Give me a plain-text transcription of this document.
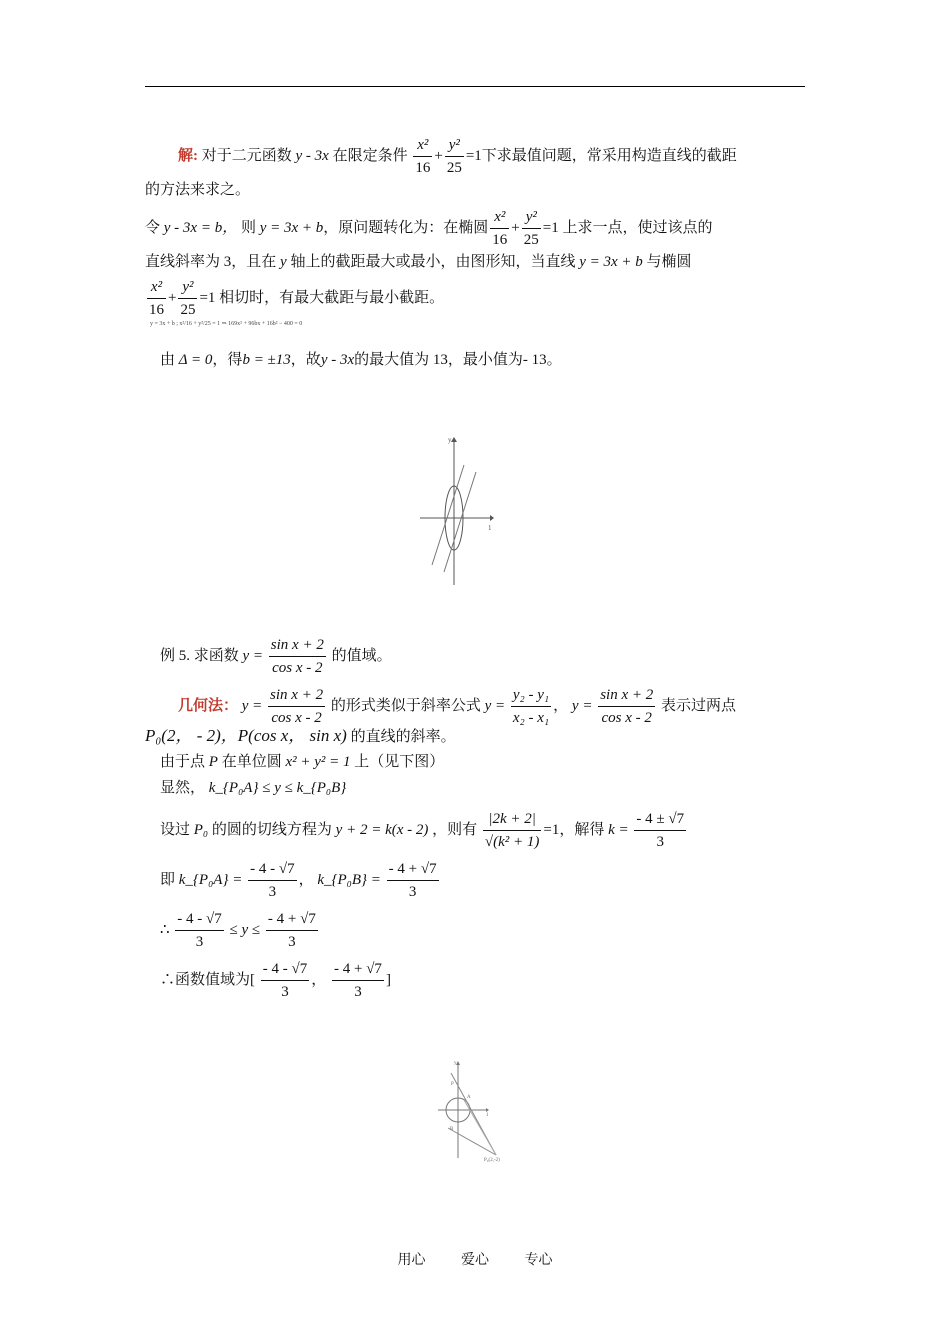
解: 对于二元函数 y - 3x 在限定条件 $\frac{\text{x²}}{16} + \frac{\text{y²}}{25} =1$下求最值问题，常采用构造直线的截距
的方法来求之。
令 y - 3x = b， 则 y = 3x + b，原问题转化为：在椭圆 $\frac{\text{x²}}{16} + \frac{\text{y²}}{25} =1$ 上求一点，使过该点的
直线斜率为 3，且在 y 轴上的截距最大或最小，由图形知，当直线 y = 3x + b 与椭圆
$\frac{\text{x²}}{16} + \frac{\text{y²}}{25} =1$ 相切时，有最大截距与最小截距。
y = 3x + b ; x²/16 + y²/25 = 1 ⇒ 169x² + 96bx + 16b² − 400 = 0
由 Δ = 0，得b = ±13，故y - 3x的最大值为 13，最小值为- 13。
y
1
例 5. 求函数 $y = \frac{\text{sin x + 2}}{\text{cos x - 2}}$ 的值域。
几何法： $y = \frac{\text{sin x + 2}}{\text{cos x - 2}}$ 的形式类似于斜率公式 $y = \frac{\text{y₂ - y₁}}{\text{x₂ - x₁}}$ ， $y = \frac{\text{sin x + 2}}{\text{cos x - 2}}$ 表示过两点
P₀(2， - 2)，P(cos x， sin x) 的直线的斜率。
由于点 P 在单位圆 x² + y² = 1 上（见下图）
显然， k_{P₀A} ≤ y ≤ k_{P₀B}
设过 P₀ 的圆的切线方程为 y + 2 = k(x - 2) ，则有 $\frac{|2k + 2|}{\text{√(k² + 1)}} =1$，解得 $k = \frac{- 4 \pm √7}{3}$
即 k_{P₀A} = $\frac{- 4 - √7}{3}$ ， k_{P₀B} = $\frac{- 4 + √7}{3}$
∴ $\frac{- 4 - √7}{3} \le y \le \frac{- 4 + √7}{3}$
∴函数值域为[ $\frac{- 4 - √7}{3}$ ， $\frac{- 4 + √7}{3}$ ]
y
1
P
A
B
P₀(2,-2)
用心	爱心	专心
